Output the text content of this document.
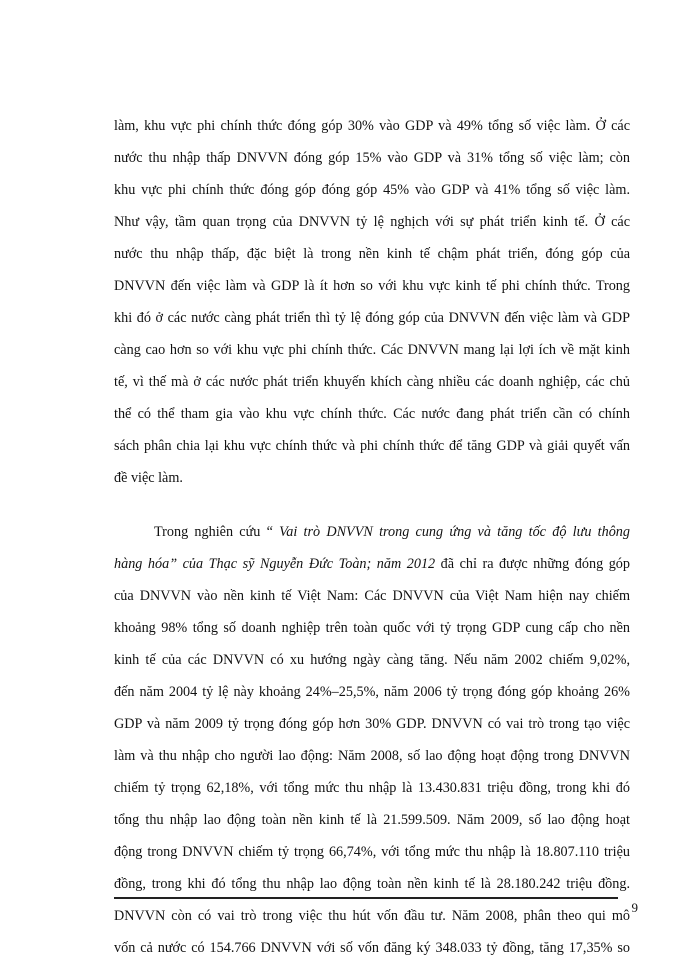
làm, khu vực phi chính thức đóng góp 30% vào GDP và 49% tổng số việc làm. Ở các
nước thu nhập thấp DNVVN đóng góp 15% vào GDP và 31% tổng số việc làm; còn
khu vực phi chính thức đóng góp đóng góp 45% vào GDP và 41% tổng số việc làm.
Như vậy, tầm quan trọng của DNVVN tỷ lệ nghịch với sự phát triển kinh tế. Ở các
nước thu nhập thấp, đặc biệt là trong nền kinh tế chậm phát triển, đóng góp của
DNVVN đến việc làm và GDP là ít hơn so với khu vực kinh tế phi chính thức. Trong
khi đó ở các nước càng phát triển thì tỷ lệ đóng góp của DNVVN đến việc làm và GDP
càng cao hơn so với khu vực phi chính thức. Các DNVVN mang lại lợi ích về mặt kinh
tế, vì thế mà ở các nước phát triển khuyến khích càng nhiều các doanh nghiệp, các chủ
thể có thể tham gia vào khu vực chính thức. Các nước đang phát triển cần có chính
sách phân chia lại khu vực chính thức và phi chính thức để tăng GDP và giải quyết vấn
đề việc làm.

Trong nghiên cứu “ Vai trò DNVVN trong cung ứng và tăng tốc độ lưu thông
hàng hóa” của Thạc sỹ Nguyễn Đức Toàn; năm 2012 đã chỉ ra được những đóng góp
của DNVVN vào nền kinh tế Việt Nam: Các DNVVN của Việt Nam hiện nay chiếm
khoảng 98% tổng số doanh nghiệp trên toàn quốc với tỷ trọng GDP cung cấp cho nền
kinh tế của các DNVVN có xu hướng ngày càng tăng. Nếu năm 2002 chiếm 9,02%,
đến năm 2004 tỷ lệ này khoảng 24%–25,5%, năm 2006 tỷ trọng đóng góp khoảng 26%
GDP và năm 2009 tỷ trọng đóng góp hơn 30% GDP. DNVVN có vai trò trong tạo việc
làm và thu nhập cho người lao động: Năm 2008, số lao động hoạt động trong DNVVN
chiếm tỷ trọng 62,18%, với tổng mức thu nhập là 13.430.831 triệu đồng, trong khi đó
tổng thu nhập lao động toàn nền kinh tế là 21.599.509. Năm 2009, số lao động hoạt
động trong DNVVN chiếm tỷ trọng 66,74%, với tổng mức thu nhập là 18.807.110 triệu
đồng, trong khi đó tổng thu nhập lao động toàn nền kinh tế là 28.180.242 triệu đồng.
DNVVN còn có vai trò trong việc thu hút vốn đầu tư. Năm 2008, phân theo qui mô
vốn cả nước có 154.766 DNVVN với số vốn đăng ký 348.033 tỷ đồng, tăng 17,35% so

9
